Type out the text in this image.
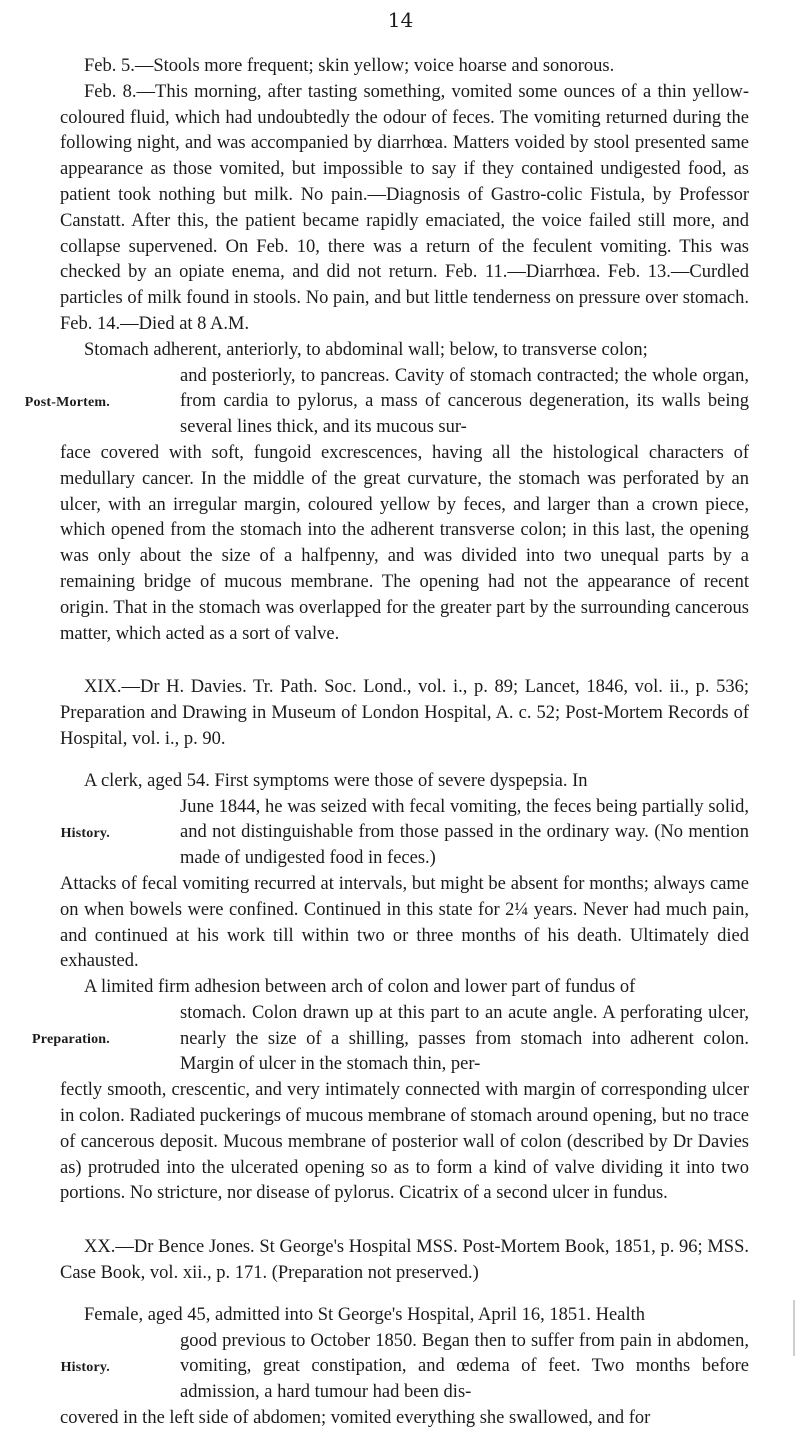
14

Feb. 5.—Stools more frequent; skin yellow; voice hoarse and sonorous.

Feb. 8.—This morning, after tasting something, vomited some ounces of a thin yellow-coloured fluid, which had undoubtedly the odour of feces. The vomiting returned during the following night, and was accompanied by diarrhœa. Matters voided by stool presented same appearance as those vomited, but impossible to say if they contained undigested food, as patient took nothing but milk. No pain.—Diagnosis of Gastro-colic Fistula, by Professor Canstatt. After this, the patient became rapidly emaciated, the voice failed still more, and collapse supervened. On Feb. 10, there was a return of the feculent vomiting. This was checked by an opiate enema, and did not return. Feb. 11.—Diarrhœa. Feb. 13.—Curdled particles of milk found in stools. No pain, and but little tenderness on pressure over stomach. Feb. 14.—Died at 8 A.M.

Post-Mortem.

Stomach adherent, anteriorly, to abdominal wall; below, to transverse colon;

and posteriorly, to pancreas. Cavity of stomach contracted; the whole organ, from cardia to pylorus, a mass of cancerous degeneration, its walls being several lines thick, and its mucous sur-

face covered with soft, fungoid excrescences, having all the histological characters of medullary cancer. In the middle of the great curvature, the stomach was perforated by an ulcer, with an irregular margin, coloured yellow by feces, and larger than a crown piece, which opened from the stomach into the adherent transverse colon; in this last, the opening was only about the size of a halfpenny, and was divided into two unequal parts by a remaining bridge of mucous membrane. The opening had not the appearance of recent origin. That in the stomach was overlapped for the greater part by the surrounding cancerous matter, which acted as a sort of valve.

XIX.—Dr H. Davies. Tr. Path. Soc. Lond., vol. i., p. 89; Lancet, 1846, vol. ii., p. 536; Preparation and Drawing in Museum of London Hospital, A. c. 52; Post-Mortem Records of Hospital, vol. i., p. 90.

History.

A clerk, aged 54. First symptoms were those of severe dyspepsia. In

June 1844, he was seized with fecal vomiting, the feces being partially solid, and not distinguishable from those passed in the ordinary way. (No mention made of undigested food in feces.)

Attacks of fecal vomiting recurred at intervals, but might be absent for months; always came on when bowels were confined. Continued in this state for 2¼ years. Never had much pain, and continued at his work till within two or three months of his death. Ultimately died exhausted.

Preparation.

A limited firm adhesion between arch of colon and lower part of fundus of

stomach. Colon drawn up at this part to an acute angle. A perforating ulcer, nearly the size of a shilling, passes from stomach into adherent colon. Margin of ulcer in the stomach thin, per-

fectly smooth, crescentic, and very intimately connected with margin of corresponding ulcer in colon. Radiated puckerings of mucous membrane of stomach around opening, but no trace of cancerous deposit. Mucous membrane of posterior wall of colon (described by Dr Davies as) protruded into the ulcerated opening so as to form a kind of valve dividing it into two portions. No stricture, nor disease of pylorus. Cicatrix of a second ulcer in fundus.

XX.—Dr Bence Jones. St George's Hospital MSS. Post-Mortem Book, 1851, p. 96; MSS. Case Book, vol. xii., p. 171. (Preparation not preserved.)

History.

Female, aged 45, admitted into St George's Hospital, April 16, 1851. Health

good previous to October 1850. Began then to suffer from pain in abdomen, vomiting, great constipation, and œdema of feet. Two months before admission, a hard tumour had been dis-

covered in the left side of abdomen; vomited everything she swallowed, and for
